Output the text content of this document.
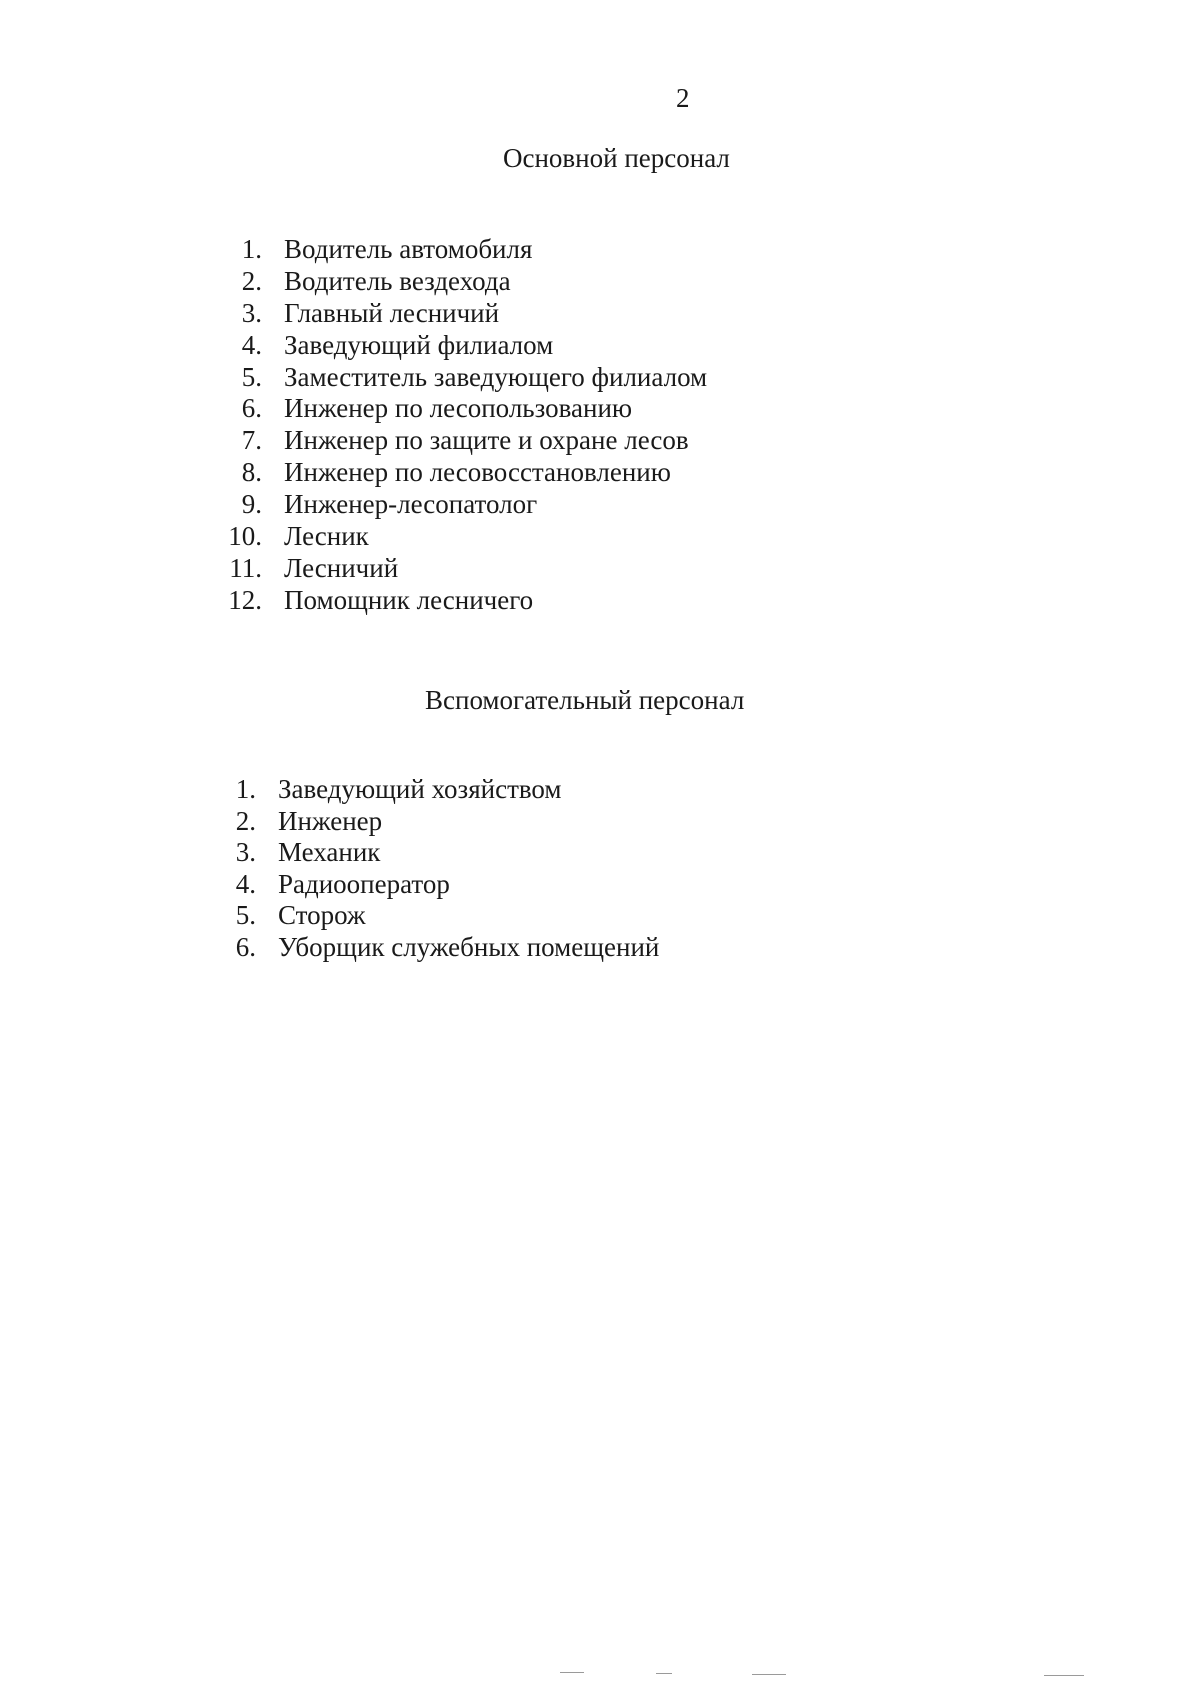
2
Основной персонал
1. Водитель автомобиля
2. Водитель вездехода
3. Главный лесничий
4. Заведующий филиалом
5. Заместитель заведующего филиалом
6. Инженер по лесопользованию
7. Инженер по защите и охране лесов
8. Инженер по лесовосстановлению
9. Инженер-лесопатолог
10. Лесник
11. Лесничий
12. Помощник лесничего
Вспомогательный персонал
1. Заведующий хозяйством
2. Инженер
3. Механик
4. Радиооператор
5. Сторож
6. Уборщик служебных помещений
